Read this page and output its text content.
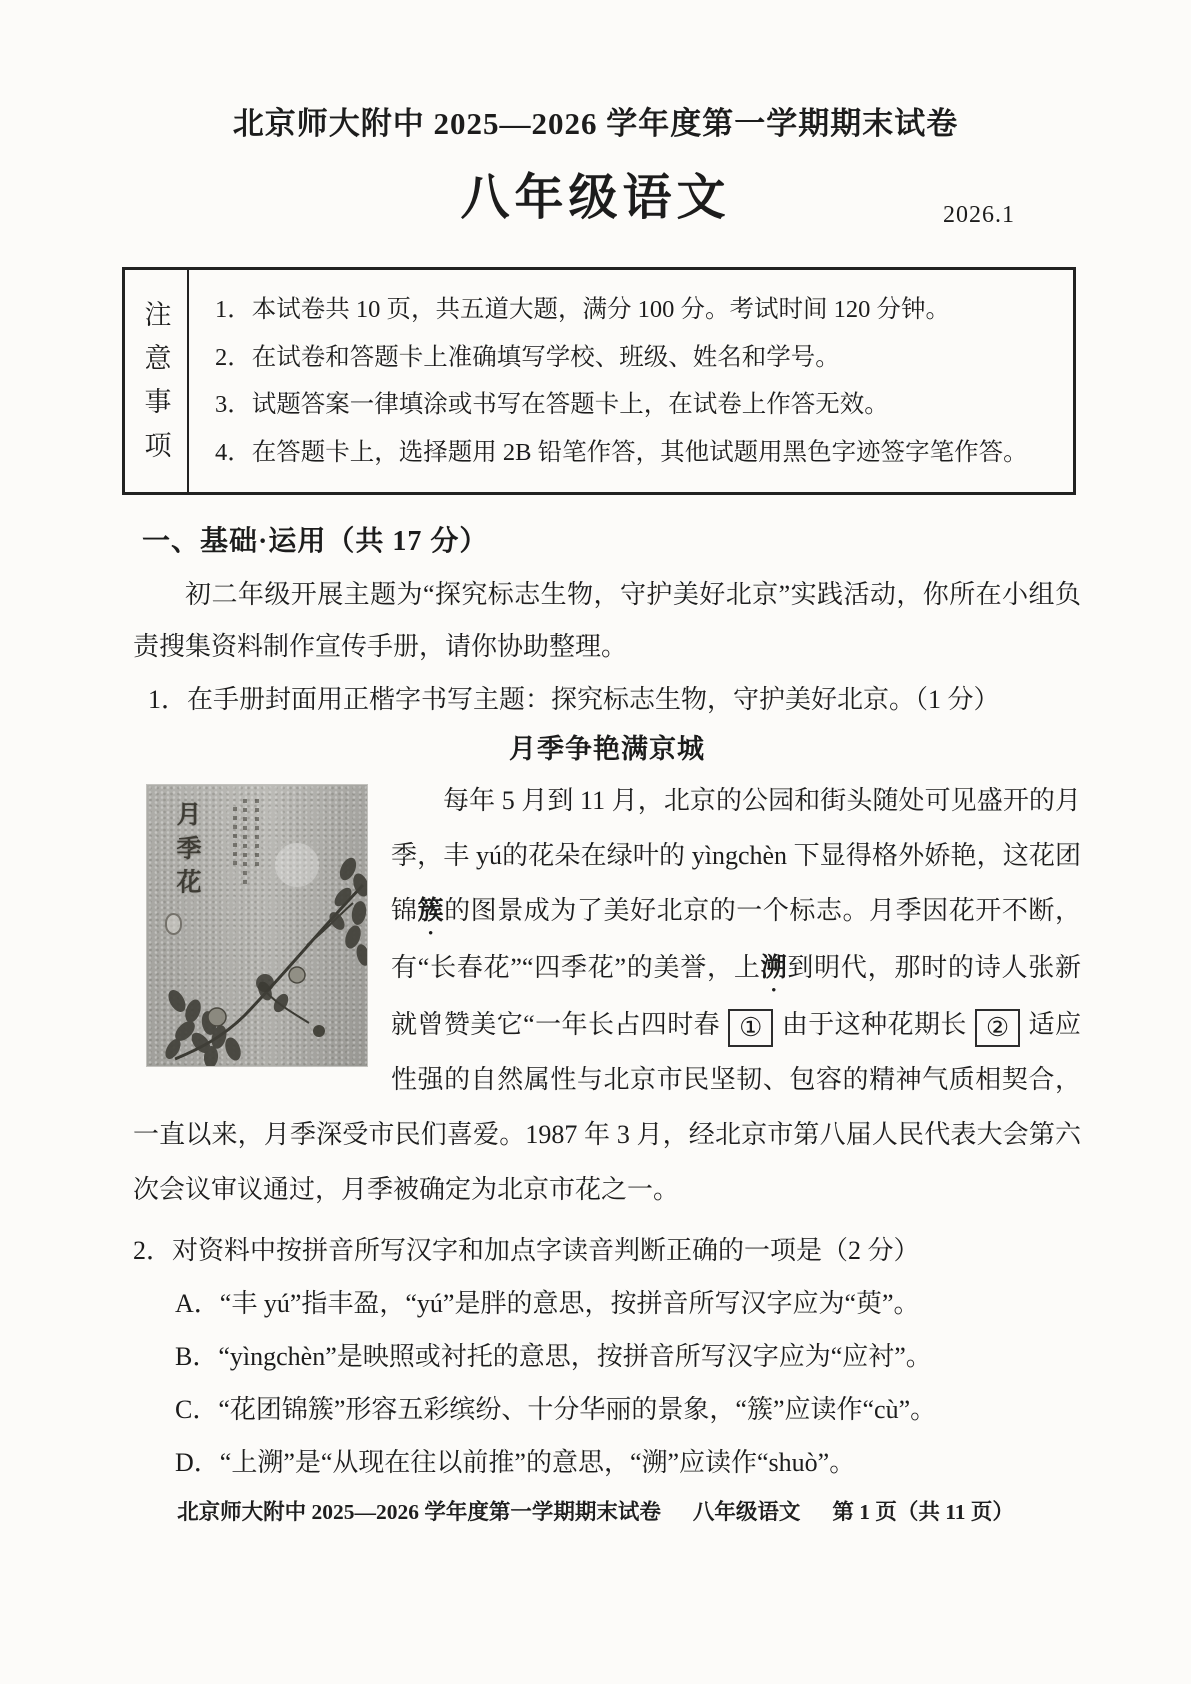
北京师大附中 2025—2026 学年度第一学期期末试卷
八年级语文	2026.1
注意事项	1．本试卷共 10 页，共五道大题，满分 100 分。考试时间 120 分钟。
2．在试卷和答题卡上准确填写学校、班级、姓名和学号。
3．试题答案一律填涂或书写在答题卡上，在试卷上作答无效。
4．在答题卡上，选择题用 2B 铅笔作答，其他试题用黑色字迹签字笔作答。
一、基础·运用（共 17 分）

初二年级开展主题为“探究标志生物，守护美好北京”实践活动，你所在小组负责搜集资料制作宣传手册，请你协助整理。

1．在手册封面用正楷字书写主题：探究标志生物，守护美好北京。（1 分）

月季争艳满京城
月季花

每年 5 月到 11 月，北京的公园和街头随处可见盛开的月季，丰 yú的花朵在绿叶的 yìngchèn 下显得格外娇艳，这花团锦簇的图景成为了美好北京的一个标志。月季因花开不断，有“长春花”“四季花”的美誉，上溯到明代，那时的诗人张新就曾赞美它“一年长占四时春 ① 由于这种花期长 ② 适应性强的自然属性与北京市民坚韧、包容的精神气质相契合，一直以来，月季深受市民们喜爱。1987 年 3 月，经北京市第八届人民代表大会第六次会议审议通过，月季被确定为北京市花之一。

2．对资料中按拼音所写汉字和加点字读音判断正确的一项是（2 分）
A． “丰 yú”指丰盈，“yú”是胖的意思，按拼音所写汉字应为“萸”。
B． “yìngchèn”是映照或衬托的意思，按拼音所写汉字应为“应衬”。
C． “花团锦簇”形容五彩缤纷、十分华丽的景象，“簇”应读作“cù”。
D． “上溯”是“从现在往以前推”的意思，“溯”应读作“shuò”。
北京师大附中 2025—2026 学年度第一学期期末试卷 八年级语文 第 1 页（共 11 页）
